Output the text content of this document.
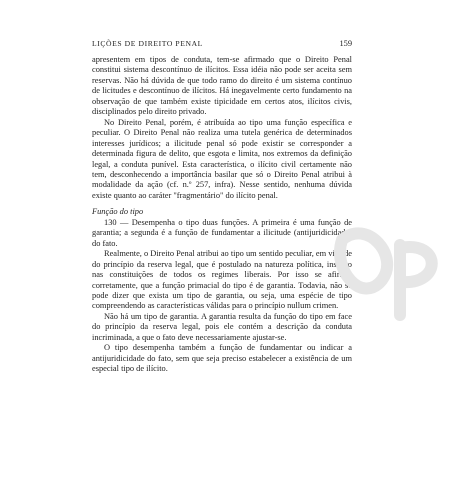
LIÇÕES DE DIREITO PENAL	159

apresentem em tipos de conduta, tem-se afirmado que o Direito Penal constitui sistema descontínuo de ilícitos. Essa idéia não pode ser aceita sem reservas. Não há dúvida de que todo ramo do direito é um sistema contínuo de licitudes e descontínuo de ilícitos. Há inegavelmente certo fundamento na observação de que também existe tipicidade em certos atos, ilícitos civis, disciplinados pelo direito privado.

No Direito Penal, porém, é atribuída ao tipo uma função específica e peculiar. O Direito Penal não realiza uma tutela genérica de determinados interesses jurídicos; a ilicitude penal só pode existir se corresponder a determinada figura de delito, que esgota e limita, nos extremos da definição legal, a conduta punível. Esta característica, o ilícito civil certamente não tem, desconhecendo a importância basilar que só o Direito Penal atribui à modalidade da ação (cf. n.º 257, infra). Nesse sentido, nenhuma dúvida existe quanto ao caráter "fragmentário" do ilícito penal.

Função do tipo

130 — Desempenha o tipo duas funções. A primeira é uma função de garantia; a segunda é a função de fundamentar a ilicitude (antijuridicidade) do fato.

Realmente, o Direito Penal atribui ao tipo um sentido peculiar, em virtude do princípio da reserva legal, que é postulado na natureza política, inscrito nas constituições de todos os regimes liberais. Por isso se afirma, corretamente, que a função primacial do tipo é de garantia. Todavia, não se pode dizer que exista um tipo de garantia, ou seja, uma espécie de tipo compreendendo as características válidas para o princípio nullum crimen.

Não há um tipo de garantia. A garantia resulta da função do tipo em face do princípio da reserva legal, pois ele contém a descrição da conduta incriminada, a que o fato deve necessariamente ajustar-se.

O tipo desempenha também a função de fundamentar ou indicar a antijuridicidade do fato, sem que seja preciso estabelecer a existência de um especial tipo de ilícito.
